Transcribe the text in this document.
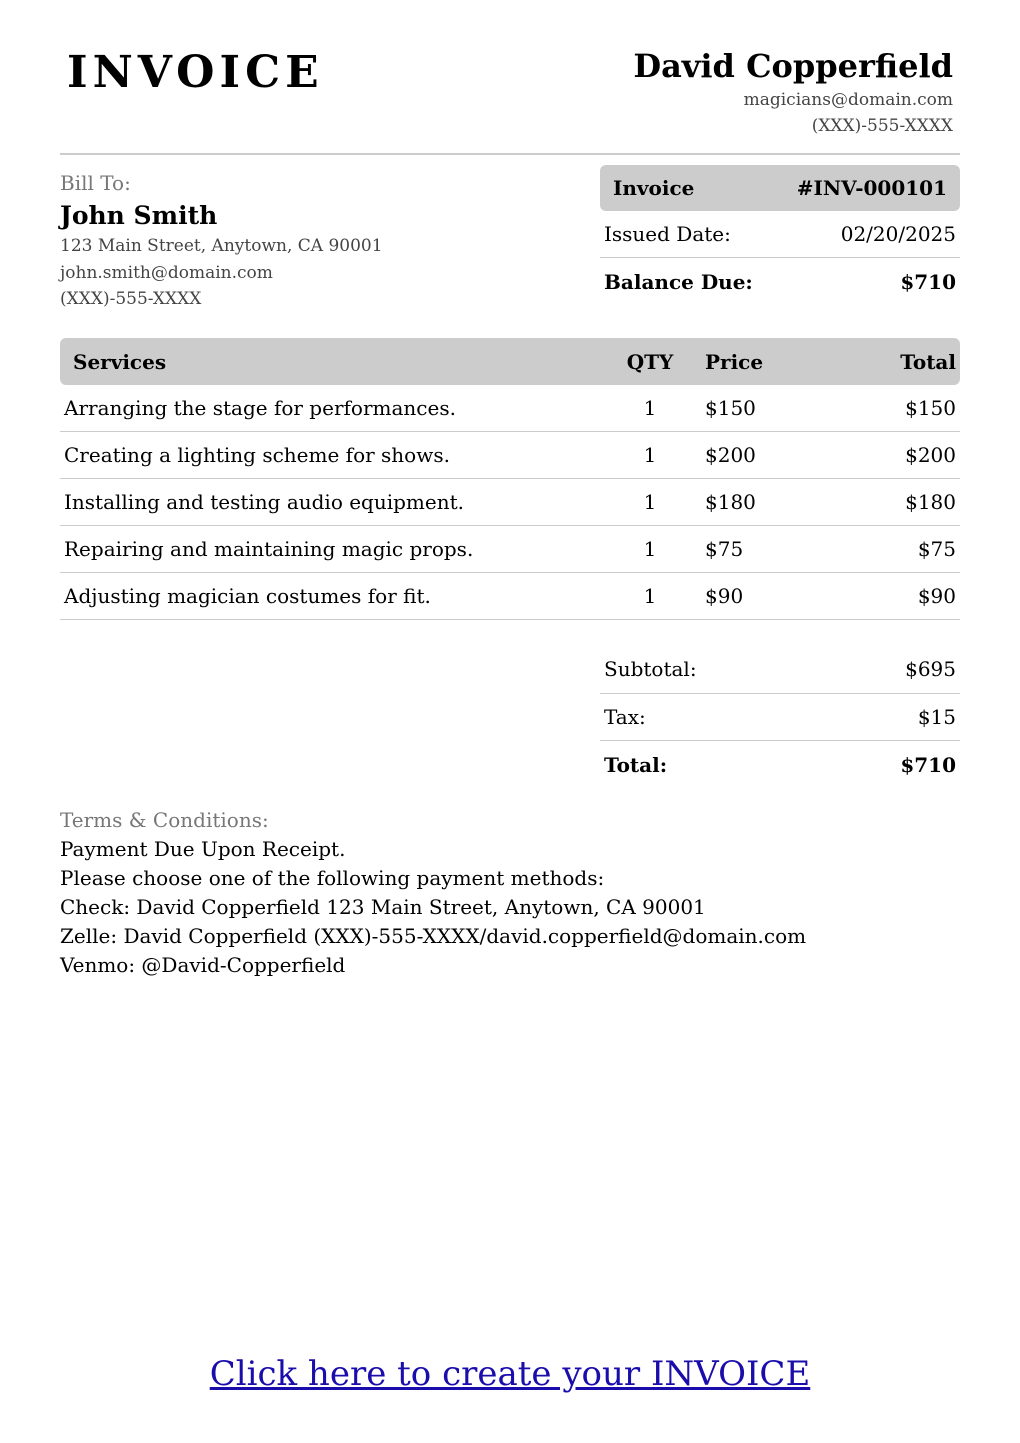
INVOICE	David Copperfield
magicians@domain.com
(XXX)-555-XXXX
Bill To:
John Smith
123 Main Street, Anytown, CA 90001
john.smith@domain.com
(XXX)-555-XXXX
Invoice	#INV-000101
Issued Date:	02/20/2025
Balance Due:	$710
Services	QTY	Price	Total
Arranging the stage for performances.	1	$150	$150
Creating a lighting scheme for shows.	1	$200	$200
Installing and testing audio equipment.	1	$180	$180
Repairing and maintaining magic props.	1	$75	$75
Adjusting magician costumes for fit.	1	$90	$90
Subtotal:	$695
Tax:	$15
Total:	$710
Terms & Conditions:
Payment Due Upon Receipt.
Please choose one of the following payment methods:
Check: David Copperfield 123 Main Street, Anytown, CA 90001
Zelle: David Copperfield (XXX)-555-XXXX/david.copperfield@domain.com
Venmo: @David-Copperfield
Click here to create your INVOICE
